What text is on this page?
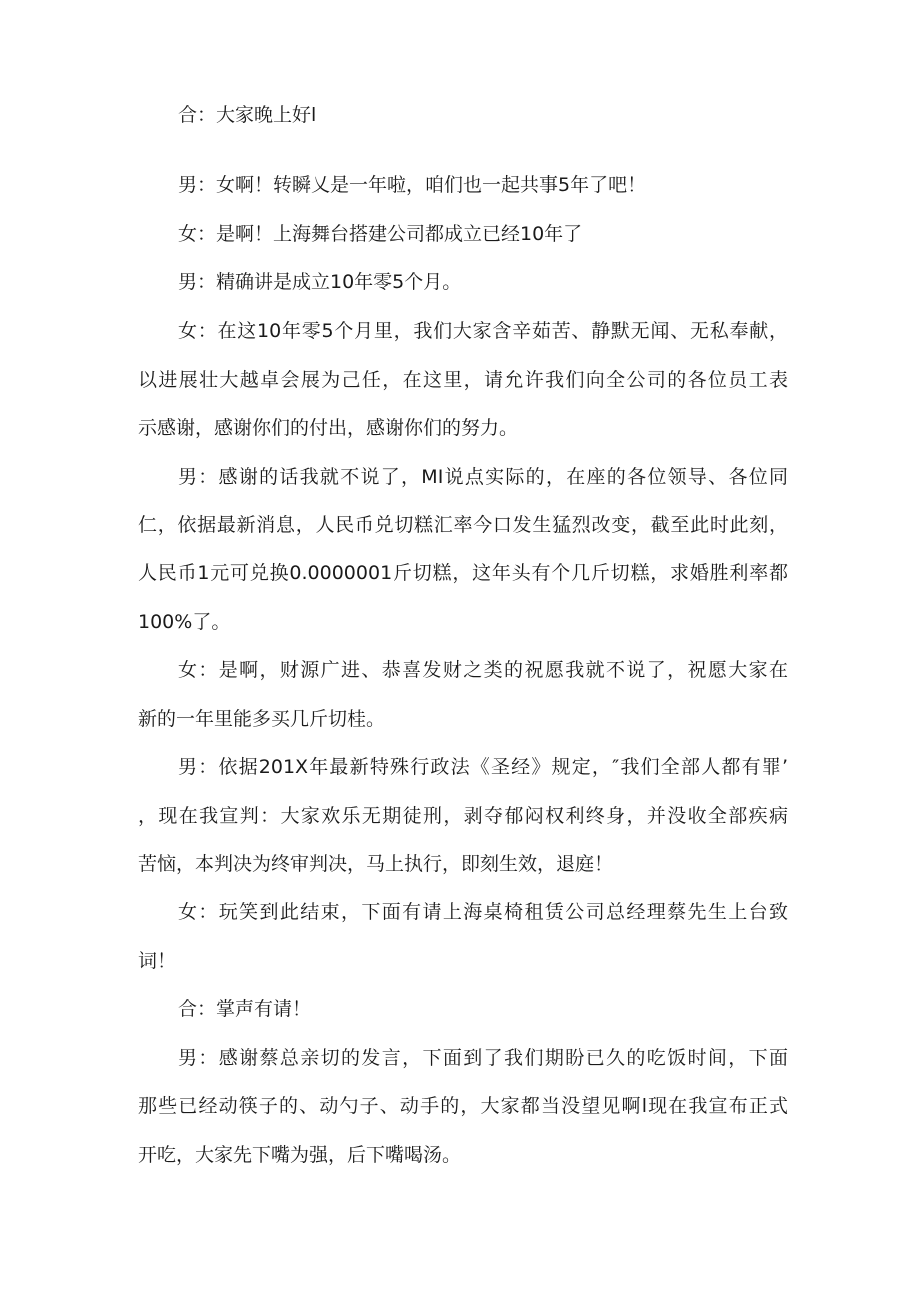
合：大家晚上好l

男：女啊！转瞬乂是一年啦，咱们也一起共事5年了吧！

女：是啊！上海舞台搭建公司都成立已经10年了

男：精确讲是成立10年零5个月。

女：在这10年零5个月里，我们大家含辛茹苦、静默无闻、无私奉献，

以进展壮大越卓会展为己任，在这里，请允许我们向全公司的各位员工表

示感谢，感谢你们的付出，感谢你们的努力。

男：感谢的话我就不说了，MI说点实际的，在座的各位领导、各位同

仁，依据最新消息，人民币兑切糕汇率今口发生猛烈改变，截至此时此刻，

人民币1元可兑换0.0000001斤切糕，这年头有个几斤切糕，求婚胜利率都

100%了。

女：是啊，财源广进、恭喜发财之类的祝愿我就不说了，祝愿大家在

新的一年里能多买几斤切桂。

男：依据201X年最新特殊行政法《圣经》规定，″我们全部人都有罪’

，现在我宣判：大家欢乐无期徒刑，剥夺郁闷权利终身，并没收全部疾病

苦恼，本判决为终审判决，马上执行，即刻生效，退庭！

女：玩笑到此结束，下面有请上海桌椅租赁公司总经理蔡先生上台致

词！

合：掌声有请！

男：感谢蔡总亲切的发言，下面到了我们期盼已久的吃饭时间，下面

那些已经动筷子的、动勺子、动手的，大家都当没望见啊l现在我宣布正式

开吃，大家先下嘴为强，后下嘴喝汤。
